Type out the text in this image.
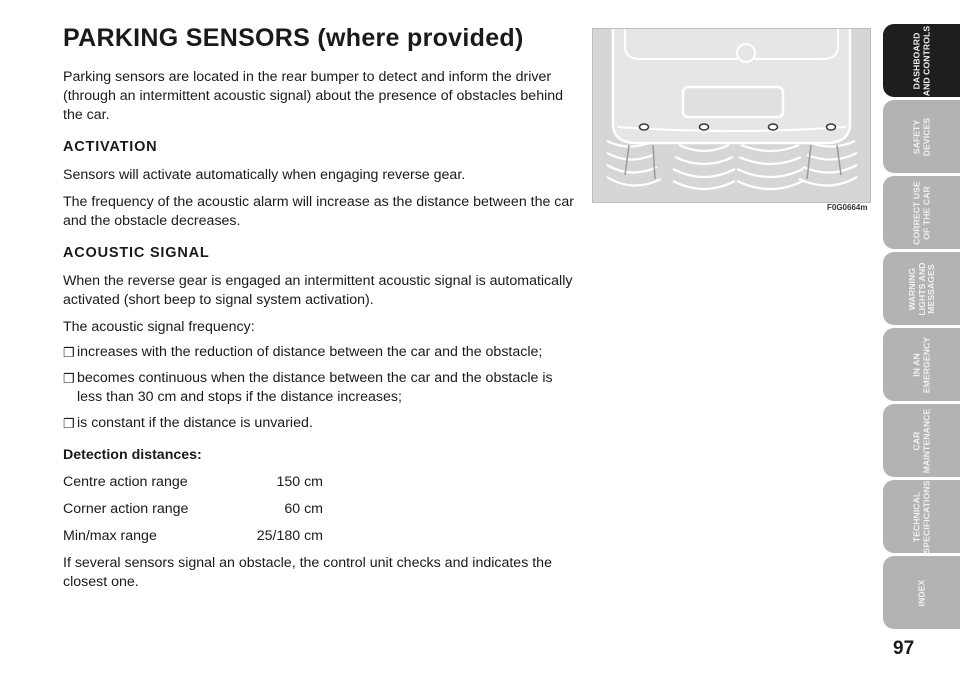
PARKING SENSORS (where provided)

Parking sensors are located in the rear bumper to detect and inform the driver (through an intermittent acoustic signal) about the presence of obstacles behind the car.

ACTIVATION

Sensors will activate automatically when engaging reverse gear.

The frequency of the acoustic alarm will increase as the distance between the car and the obstacle decreases.

ACOUSTIC SIGNAL

When the reverse gear is engaged an intermittent acoustic signal is automatically activated (short beep to signal system activation).

The acoustic signal frequency:

❒ increases with the reduction of distance between the car and the obstacle;
❒ becomes continuous when the distance between the car and the obstacle is less than 30 cm and stops if the distance increases;
❒ is constant if the distance is unvaried.
Detection distances:
Centre action range	150 cm
Corner action range	60 cm
Min/max range	25/180 cm

If several sensors signal an obstacle, the control unit checks and indicates the closest one.

F0G0664m
DASHBOARD
AND CONTROLS
SAFETY
DEVICES
CORRECT USE
OF THE CAR
WARNING
LIGHTS AND
MESSAGES
IN AN
EMERGENCY
CAR
MAINTENANCE
TECHNICAL
SPECIFICATIONS
INDEX
97
